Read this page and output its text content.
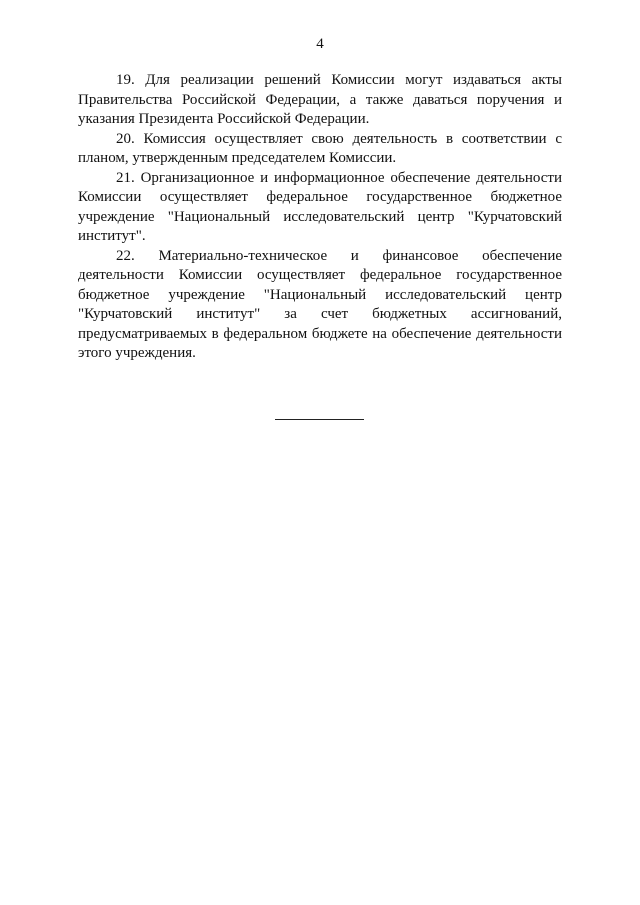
4

19. Для реализации решений Комиссии могут издаваться акты Правительства Российской Федерации, а также даваться поручения и указания Президента Российской Федерации.

20. Комиссия осуществляет свою деятельность в соответствии с планом, утвержденным председателем Комиссии.

21. Организационное и информационное обеспечение деятельности Комиссии осуществляет федеральное государственное бюджетное учреждение "Национальный исследовательский центр "Курчатовский институт".

22. Материально-техническое и финансовое обеспечение деятельности Комиссии осуществляет федеральное государственное бюджетное учреждение "Национальный исследовательский центр "Курчатовский институт" за счет бюджетных ассигнований, предусматриваемых в федеральном бюджете на обеспечение деятельности этого учреждения.
